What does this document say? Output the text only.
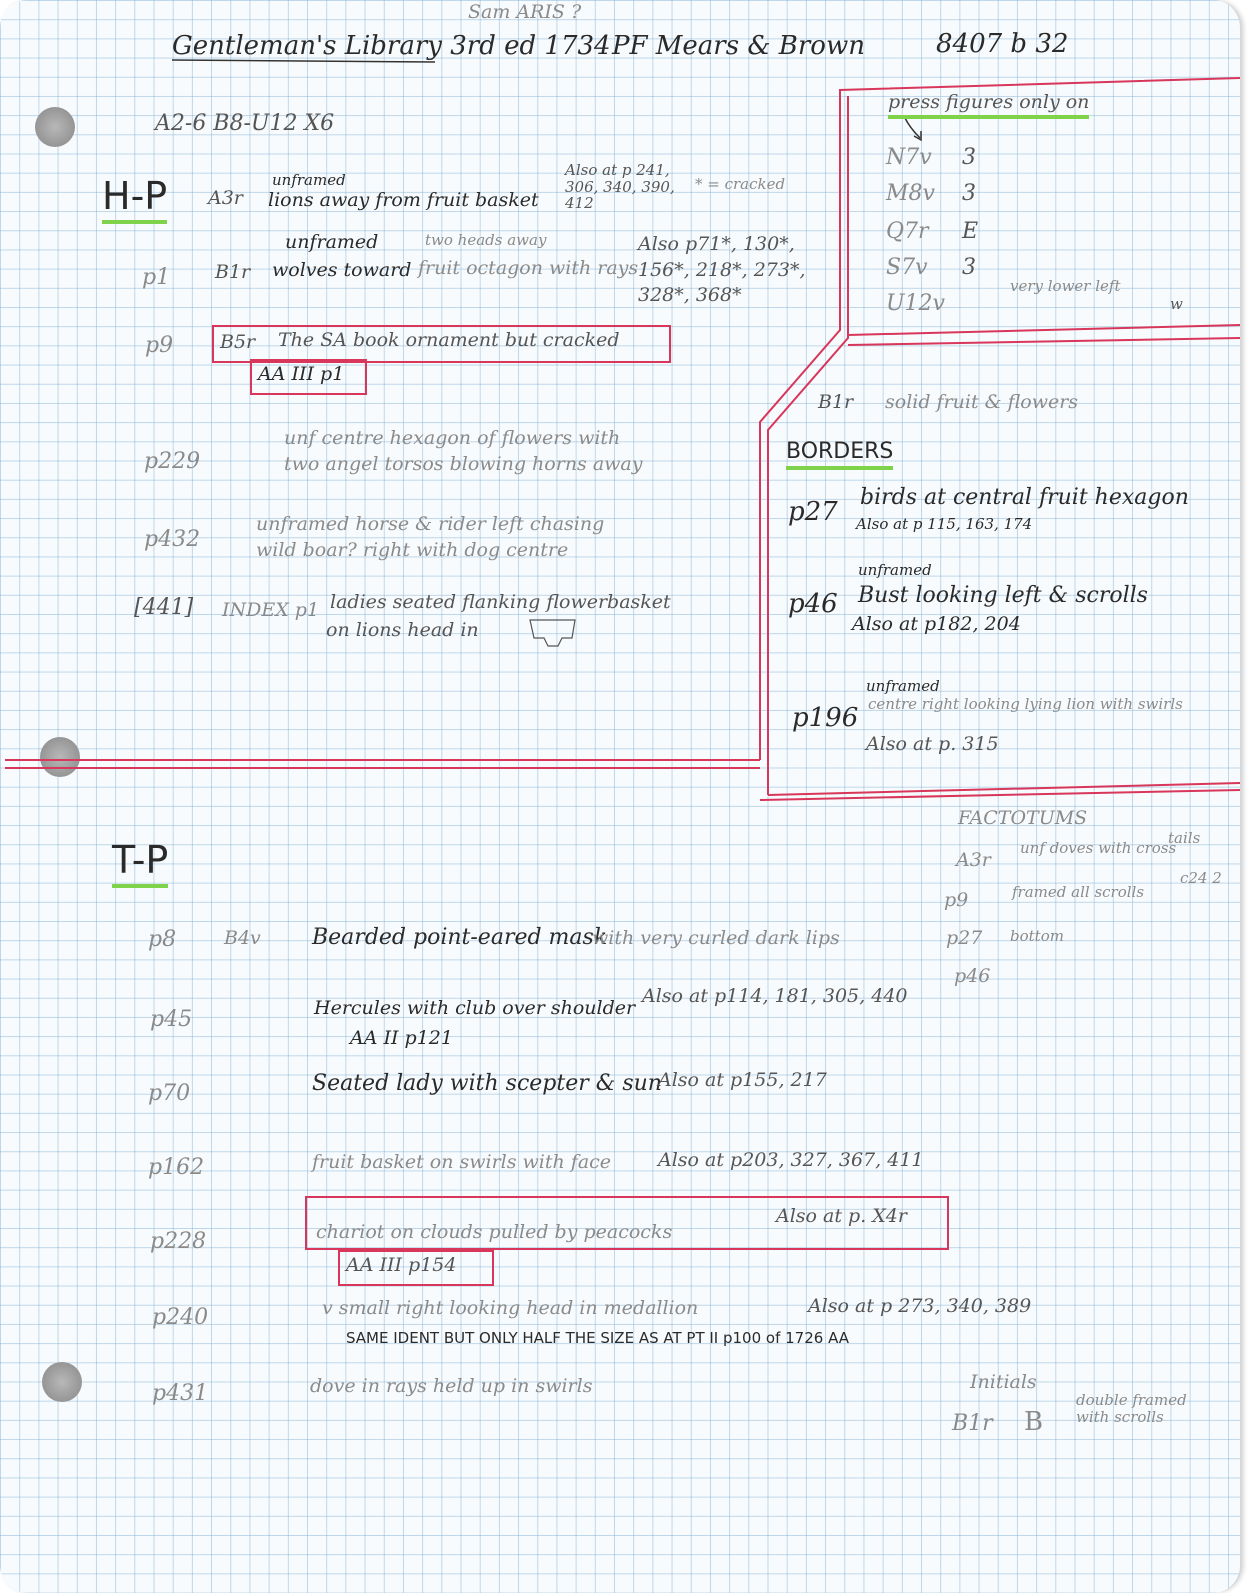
Sam ARIS ?
Gentleman's Library 3rd ed 1734 PF Mears & Brown	8407 b 32
A2-6 B8-U12 X6
H-P A3r
unframed
lions away from fruit basket
Also at p 241, 306, 340, 390, 412
* = cracked
p1 B1r
unframed
wolves toward
two heads away
fruit octagon with rays
Also p71*, 130*, 156*, 218*, 273*, 328*, 368*
p9 B5r The SA book ornament but cracked
AA III p1
p229
unf centre hexagon of flowers with
two angel torsos blowing horns away
p432
unframed horse & rider left chasing
wild boar? right with dog centre
[441] INDEX p1 ladies seated flanking flowerbasket
on lions head in
press figures only on
N7v 3
M8v 3
Q7r E
S7v 3
U12v
very lower left
w
B1r solid fruit & flowers
BORDERS
p27 birds at central fruit hexagon
Also at p 115, 163, 174
unframed
p46 Bust looking left & scrolls
Also at p182, 204
unframed
p196 centre right looking lying lion with swirls
Also at p. 315
FACTOTUMS
A3r
unf doves with cross
tails
p9	framed all scrolls
c24 2
p27 bottom
p46
T-P
p8	B4v Bearded point-eared mask
with very curled dark lips
p45	Hercules with club over shoulder
Also at p114, 181, 305, 440
AA II p121
p70	Seated lady with scepter & sun
Also at p155, 217
p162	fruit basket on swirls with face Also at p203, 327, 367, 411
p228	chariot on clouds pulled by peacocks
Also at p. X4r
AA III p154
p240	v small right looking head in medallion	Also at p 273, 340, 389
SAME IDENT BUT ONLY HALF THE SIZE AS AT PT II p100 of 1726 AA
p431	dove in rays held up in swirls	Initials
B1r B
double framed with scrolls
